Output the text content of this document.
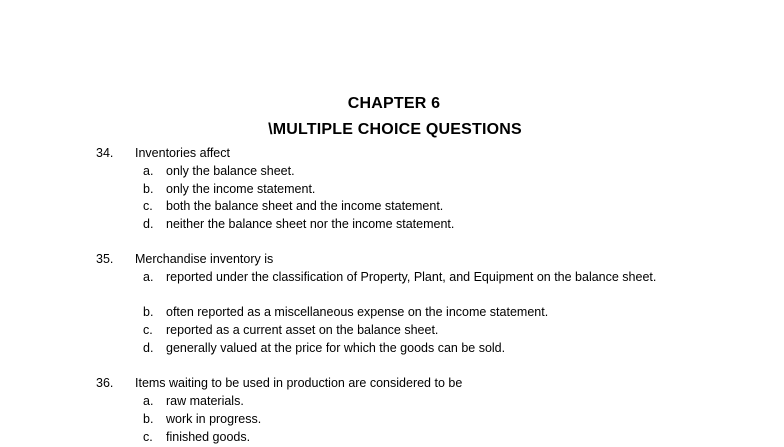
CHAPTER 6
\MULTIPLE CHOICE QUESTIONS
34. Inventories affect
a. only the balance sheet.
b. only the income statement.
c. both the balance sheet and the income statement.
d. neither the balance sheet nor the income statement.
35. Merchandise inventory is
a. reported under the classification of Property, Plant, and Equipment on the balance sheet.
b. often reported as a miscellaneous expense on the income statement.
c. reported as a current asset on the balance sheet.
d. generally valued at the price for which the goods can be sold.
36. Items waiting to be used in production are considered to be
a. raw materials.
b. work in progress.
c. finished goods.
